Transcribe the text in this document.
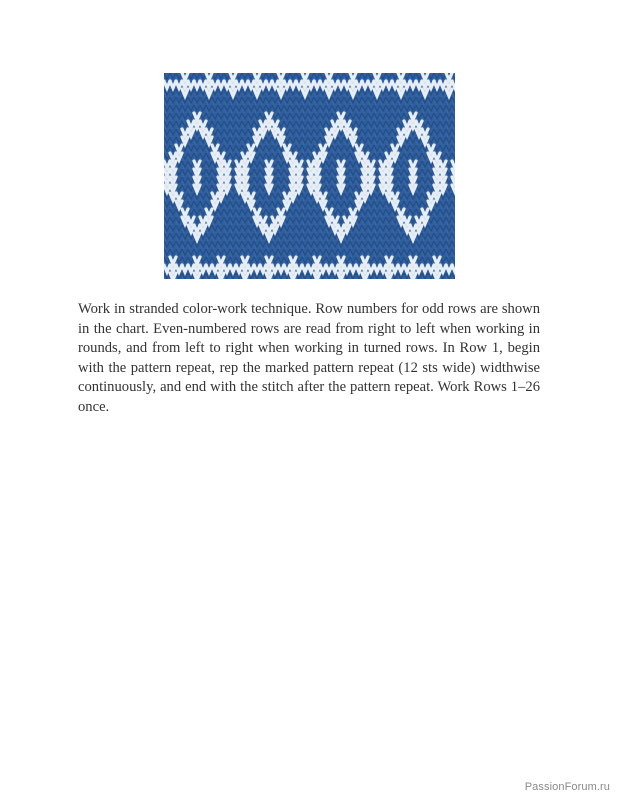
Work in stranded color-work technique. Row numbers for odd rows are shown in the chart. Even-numbered rows are read from right to left when working in rounds, and from left to right when working in turned rows. In Row 1, begin with the pattern repeat, rep the marked pattern repeat (12 sts wide) widthwise continuously, and end with the stitch after the pattern repeat. Work Rows 1–26 once.

PassionForum.ru
